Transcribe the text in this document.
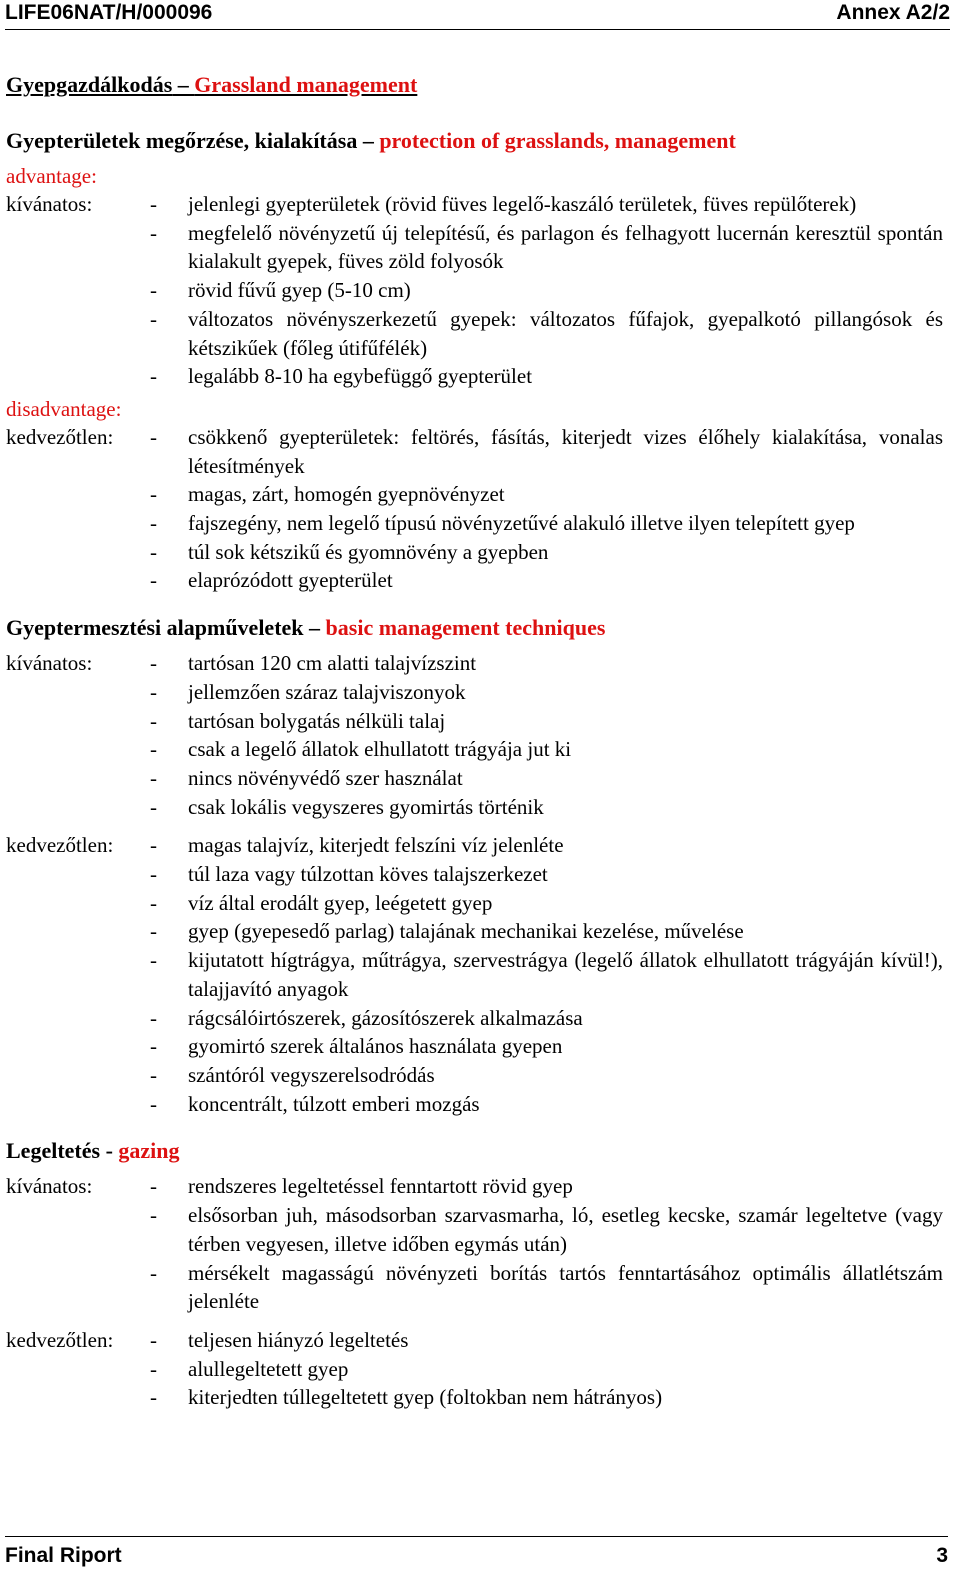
LIFE06NAT/H/000096	Annex A2/2
Gyepgazdálkodás – Grassland management
Gyepterületek megőrzése, kialakítása – protection of grasslands, management
advantage:
kívánatos:	- jelenlegi gyepterületek (rövid füves legelő-kaszáló területek, füves repülőterek)
- megfelelő növényzetű új telepítésű, és parlagon és felhagyott lucernán keresztül spontán kialakult gyepek, füves zöld folyosók
- rövid fűvű gyep (5-10 cm)
- változatos növényszerkezetű gyepek: változatos fűfajok, gyepalkotó pillangósok és kétszikűek (főleg útifűfélék)
- legalább 8-10 ha egybefüggő gyepterület
disadvantage:
kedvezőtlen: - csökkenő gyepterületek: feltörés, fásítás, kiterjedt vizes élőhely kialakítása, vonalas létesítmények
- magas, zárt, homogén gyepnövényzet
- fajszegény, nem legelő típusú növényzetűvé alakuló illetve ilyen telepített gyep
- túl sok kétszikű és gyomnövény a gyepben
- elaprózódott gyepterület
Gyeptermesztési alapműveletek – basic management techniques
kívánatos:	- tartósan 120 cm alatti talajvízszint
- jellemzően száraz talajviszonyok
- tartósan bolygatás nélküli talaj
- csak a legelő állatok elhullatott trágyája jut ki
- nincs növényvédő szer használat
- csak lokális vegyszeres gyomirtás történik
kedvezőtlen: - magas talajvíz, kiterjedt felszíni víz jelenléte
- túl laza vagy túlzottan köves talajszerkezet
- víz által erodált gyep, leégetett gyep
- gyep (gyepesedő parlag) talajának mechanikai kezelése, művelése
- kijutatott hígtrágya, műtrágya, szervestrágya (legelő állatok elhullatott trágyáján kívül!), talajjavító anyagok
- rágcsálóirtószerek, gázosítószerek alkalmazása
- gyomirtó szerek általános használata gyepen
- szántóról vegyszerelsodródás
- koncentrált, túlzott emberi mozgás
Legeltetés - gazing
kívánatos:	- rendszeres legeltetéssel fenntartott rövid gyep
- elsősorban juh, másodsorban szarvasmarha, ló, esetleg kecske, szamár legeltetve (vagy térben vegyesen, illetve időben egymás után)
- mérsékelt magasságú növényzeti borítás tartós fenntartásához optimális állatlétszám jelenléte
kedvezőtlen: - teljesen hiányzó legeltetés
- alullegeltetett gyep
- kiterjedten túllegeltetett gyep (foltokban nem hátrányos)
Final Riport	3
